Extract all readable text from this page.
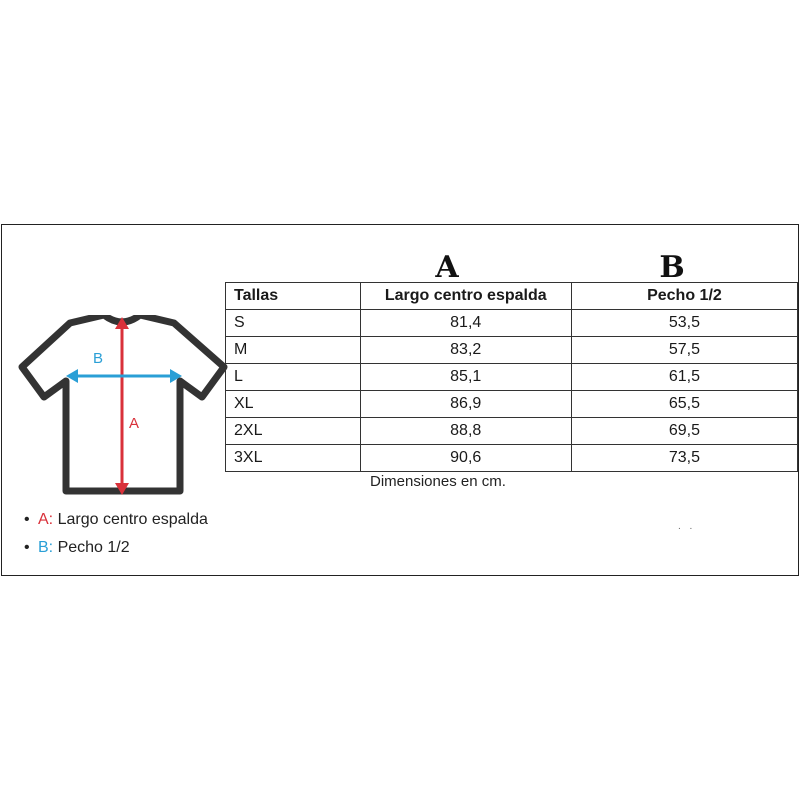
B
A
A	B
Tallas	Largo centro espalda	Pecho 1/2
S	81,4	53,5
M	83,2	57,5
L	85,1	61,5
XL	86,9	65,5
2XL	88,8	69,5
3XL	90,6	73,5
Dimensiones en cm.
• A: Largo centro espalda
• B: Pecho 1/2
. .
